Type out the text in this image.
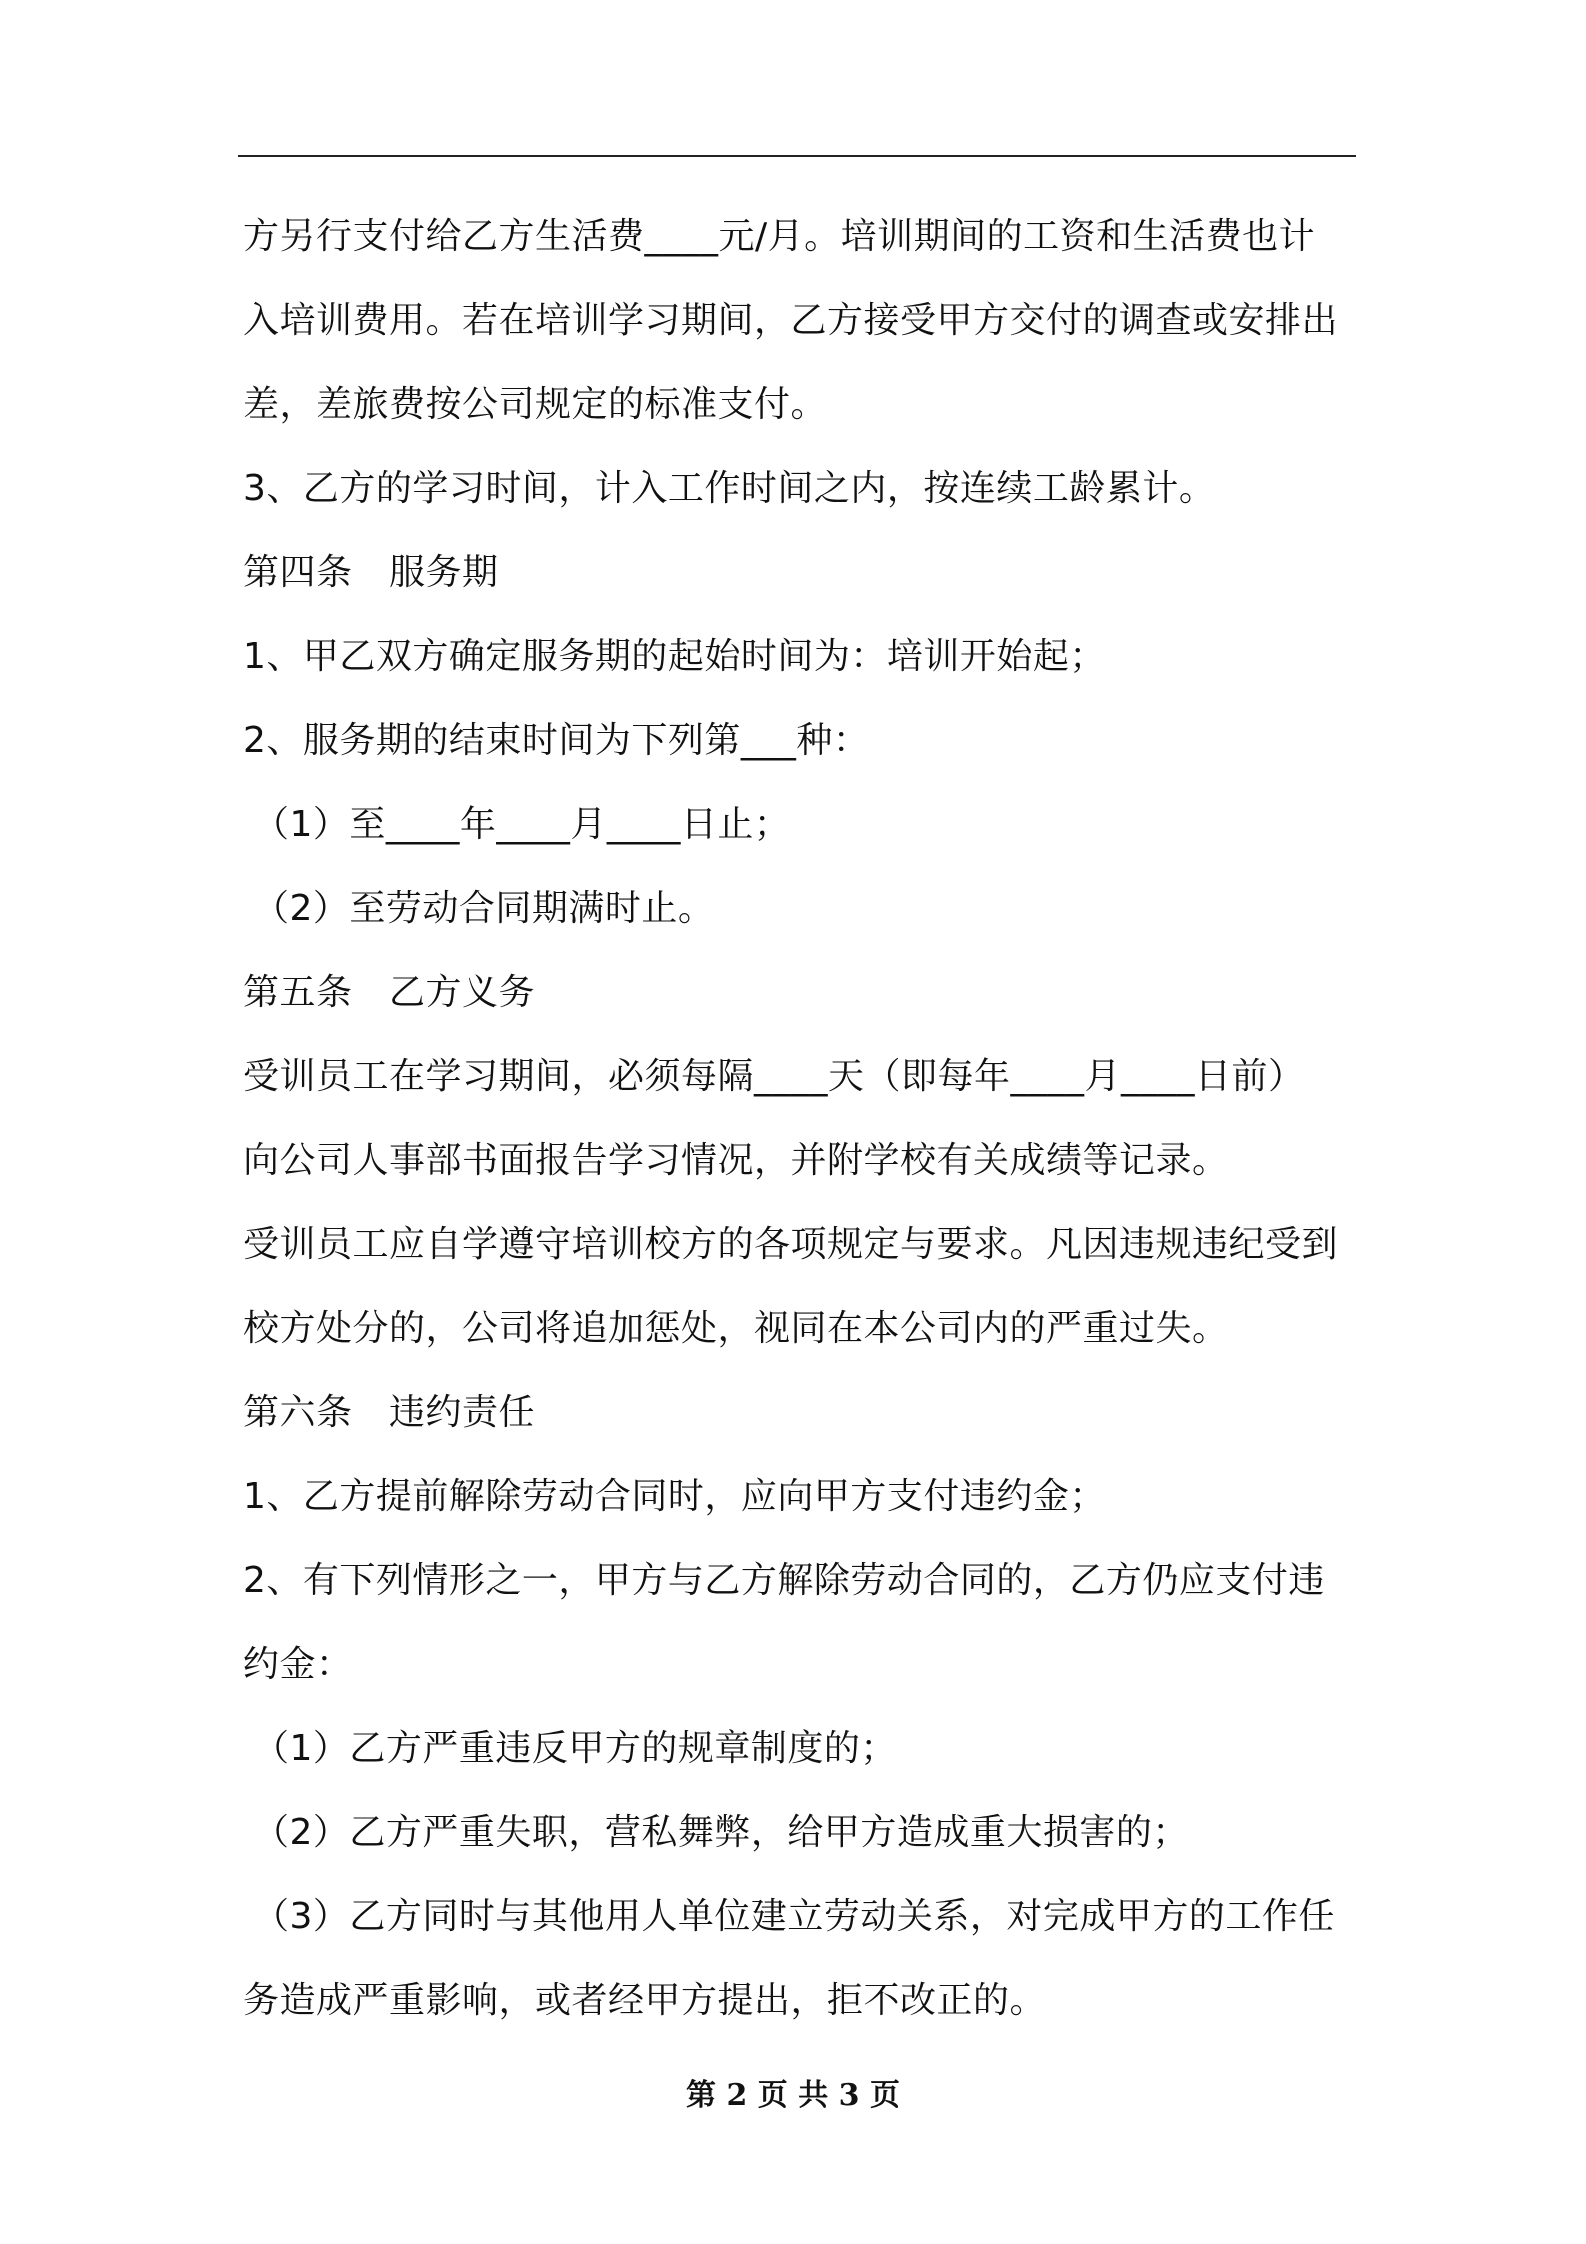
方另行支付给乙方生活费____元/月。培训期间的工资和生活费也计
入培训费用。若在培训学习期间，乙方接受甲方交付的调查或安排出
差，差旅费按公司规定的标准支付。
3、乙方的学习时间，计入工作时间之内，按连续工龄累计。
第四条　服务期
1、甲乙双方确定服务期的起始时间为：培训开始起；
2、服务期的结束时间为下列第___种：
（1）至____年____月____日止；
（2）至劳动合同期满时止。
第五条　乙方义务
受训员工在学习期间，必须每隔____天（即每年____月____日前）
向公司人事部书面报告学习情况，并附学校有关成绩等记录。
受训员工应自学遵守培训校方的各项规定与要求。凡因违规违纪受到
校方处分的，公司将追加惩处，视同在本公司内的严重过失。
第六条　违约责任
1、乙方提前解除劳动合同时，应向甲方支付违约金；
2、有下列情形之一，甲方与乙方解除劳动合同的，乙方仍应支付违
约金：
（1）乙方严重违反甲方的规章制度的；
（2）乙方严重失职，营私舞弊，给甲方造成重大损害的；
（3）乙方同时与其他用人单位建立劳动关系，对完成甲方的工作任
务造成严重影响，或者经甲方提出，拒不改正的。
第 2 页 共 3 页
